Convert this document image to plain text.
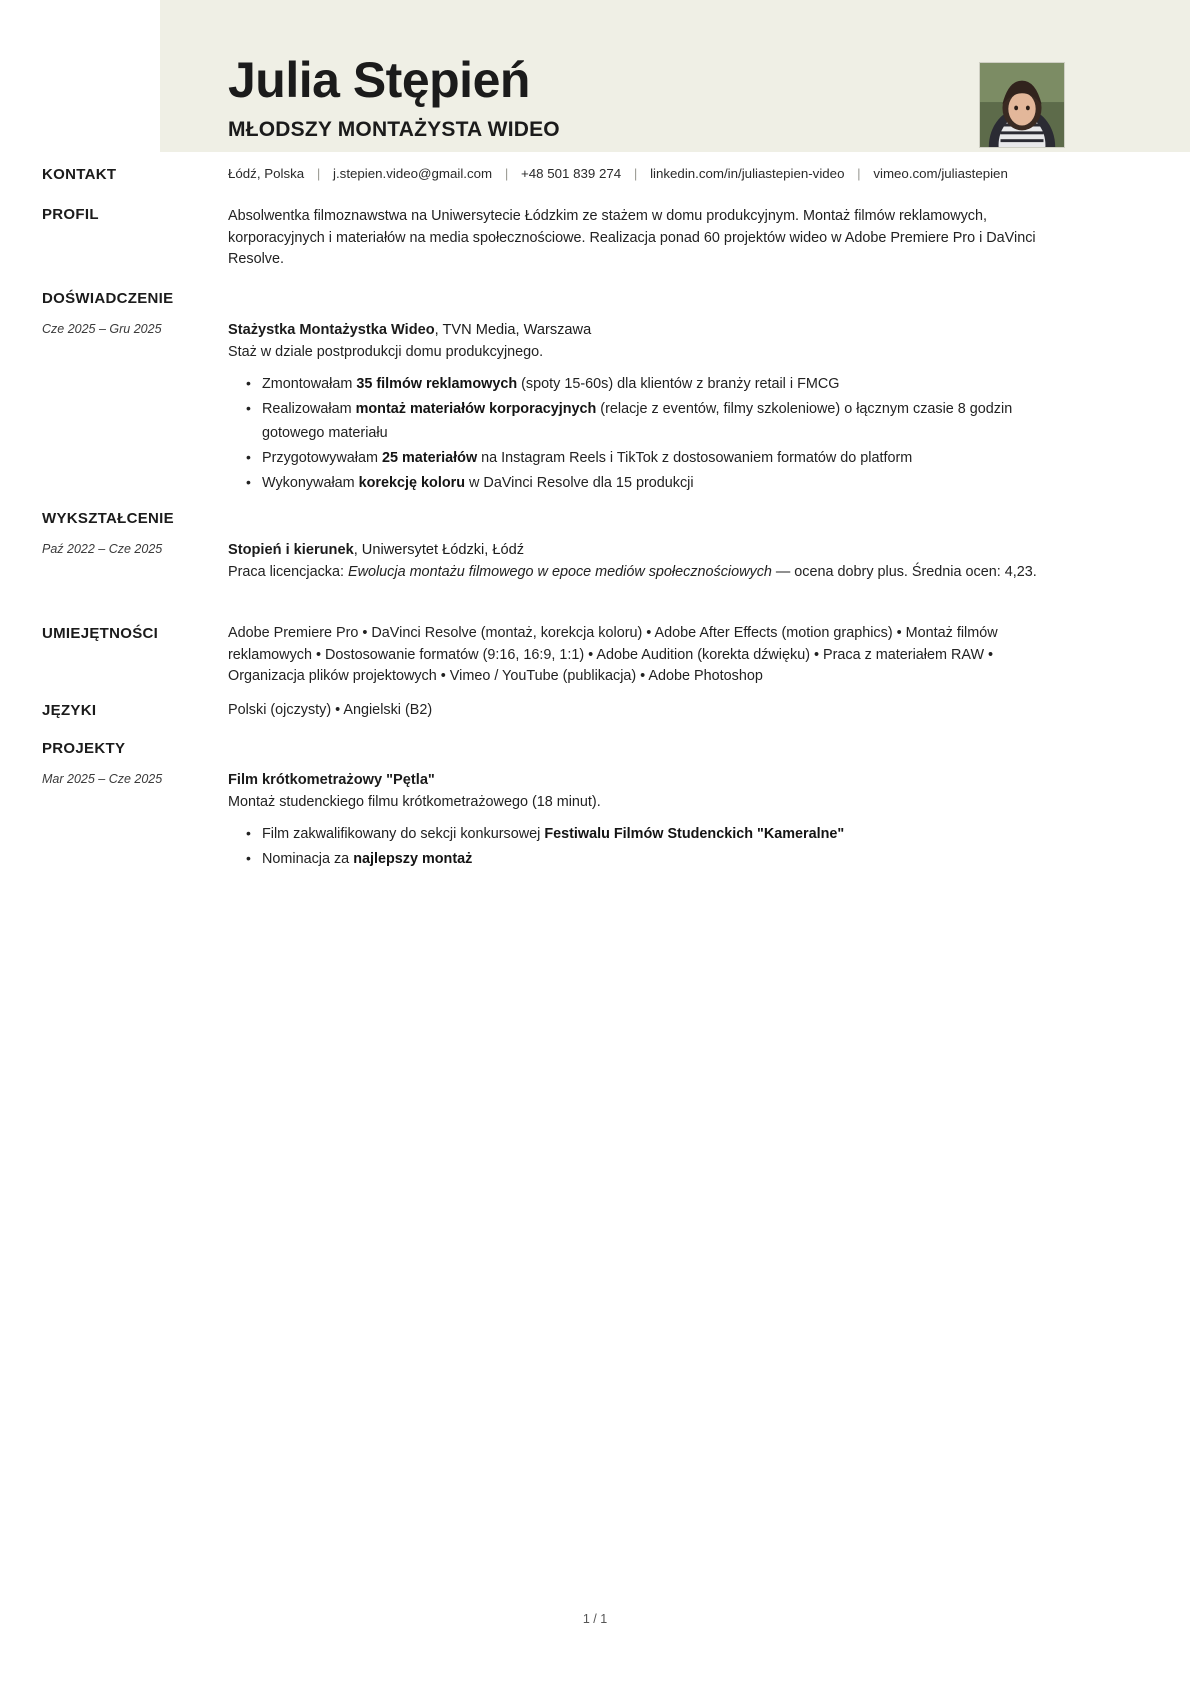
Julia Stępień
MŁODSZY MONTAŻYSTA WIDEO
KONTAKT	Łódź, Polska | j.stepien.video@gmail.com | +48 501 839 274 | linkedin.com/in/juliastepien-video | vimeo.com/juliastepien
PROFIL	Absolwentka filmoznawstwa na Uniwersytecie Łódzkim ze stażem w domu produkcyjnym. Montaż filmów reklamowych, korporacyjnych i materiałów na media społecznościowe. Realizacja ponad 60 projektów wideo w Adobe Premiere Pro i DaVinci Resolve.
DOŚWIADCZENIE
Cze 2025 – Gru 2025	Stażystka Montażystka Wideo, TVN Media, Warszawa
Staż w dziale postprodukcji domu produkcyjnego.
• Zmontowałam 35 filmów reklamowych (spoty 15-60s) dla klientów z branży retail i FMCG
• Realizowałam montaż materiałów korporacyjnych (relacje z eventów, filmy szkoleniowe) o łącznym czasie 8 godzin gotowego materiału
• Przygotowywałam 25 materiałów na Instagram Reels i TikTok z dostosowaniem formatów do platform
• Wykonywałam korekcję koloru w DaVinci Resolve dla 15 produkcji
WYKSZTAŁCENIE
Paź 2022 – Cze 2025	Stopień i kierunek, Uniwersytet Łódzki, Łódź
Praca licencjacka: Ewolucja montażu filmowego w epoce mediów społecznościowych — ocena dobry plus. Średnia ocen: 4,23.
UMIEJĘTNOŚCI	Adobe Premiere Pro • DaVinci Resolve (montaż, korekcja koloru) • Adobe After Effects (motion graphics) • Montaż filmów reklamowych • Dostosowanie formatów (9:16, 16:9, 1:1) • Adobe Audition (korekta dźwięku) • Praca z materiałem RAW • Organizacja plików projektowych • Vimeo / YouTube (publikacja) • Adobe Photoshop
JĘZYKI	Polski (ojczysty) • Angielski (B2)
PROJEKTY
Mar 2025 – Cze 2025	Film krótkometrażowy "Pętla"
Montaż studenckiego filmu krótkometrażowego (18 minut).
• Film zakwalifikowany do sekcji konkursowej Festiwalu Filmów Studenckich "Kameralne"
• Nominacja za najlepszy montaż
1 / 1
